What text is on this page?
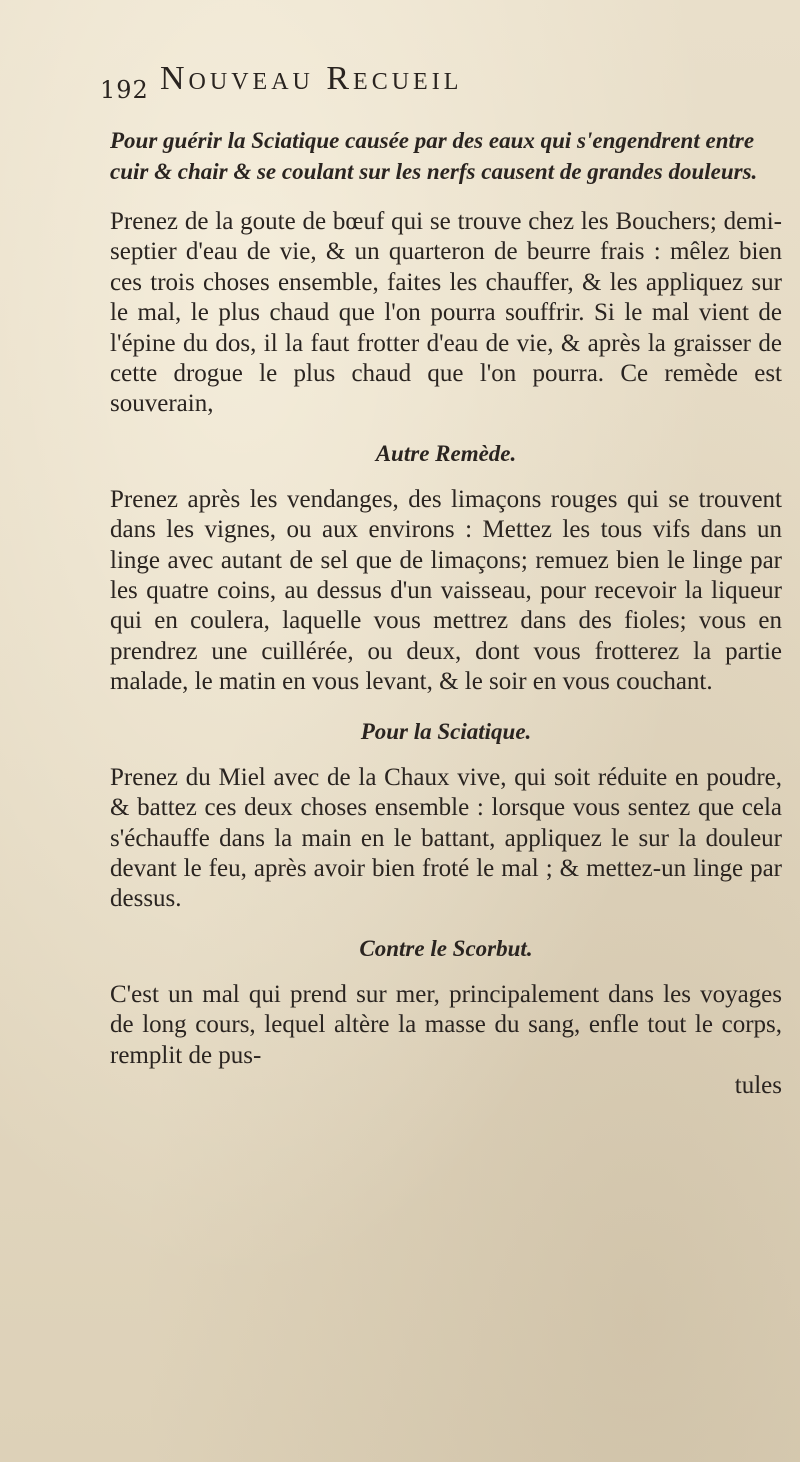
192 Nouveau Recueil

Pour guérir la Sciatique causée par des eaux qui s'engendrent entre cuir & chair & se coulant sur les nerfs causent de grandes douleurs.

Prenez de la goute de bœuf qui se trouve chez les Bouchers; demi-septier d'eau de vie, & un quarteron de beurre frais : mêlez bien ces trois choses ensemble, faites les chauffer, & les appliquez sur le mal, le plus chaud que l'on pourra souffrir. Si le mal vient de l'épine du dos, il la faut frotter d'eau de vie, & après la graisser de cette drogue le plus chaud que l'on pourra. Ce remède est souverain,

Autre Remède.

Prenez après les vendanges, des limaçons rouges qui se trouvent dans les vignes, ou aux environs : Mettez les tous vifs dans un linge avec autant de sel que de limaçons; remuez bien le linge par les quatre coins, au dessus d'un vaisseau, pour recevoir la liqueur qui en coulera, laquelle vous mettrez dans des fioles; vous en prendrez une cuillérée, ou deux, dont vous frotterez la partie malade, le matin en vous levant, & le soir en vous couchant.

Pour la Sciatique.

Prenez du Miel avec de la Chaux vive, qui soit réduite en poudre, & battez ces deux choses ensemble : lorsque vous sentez que cela s'échauffe dans la main en le battant, appliquez le sur la douleur devant le feu, après avoir bien froté le mal ; & mettez-un linge par dessus.

Contre le Scorbut.

C'est un mal qui prend sur mer, principalement dans les voyages de long cours, lequel altère la masse du sang, enfle tout le corps, remplit de pus-

tules
